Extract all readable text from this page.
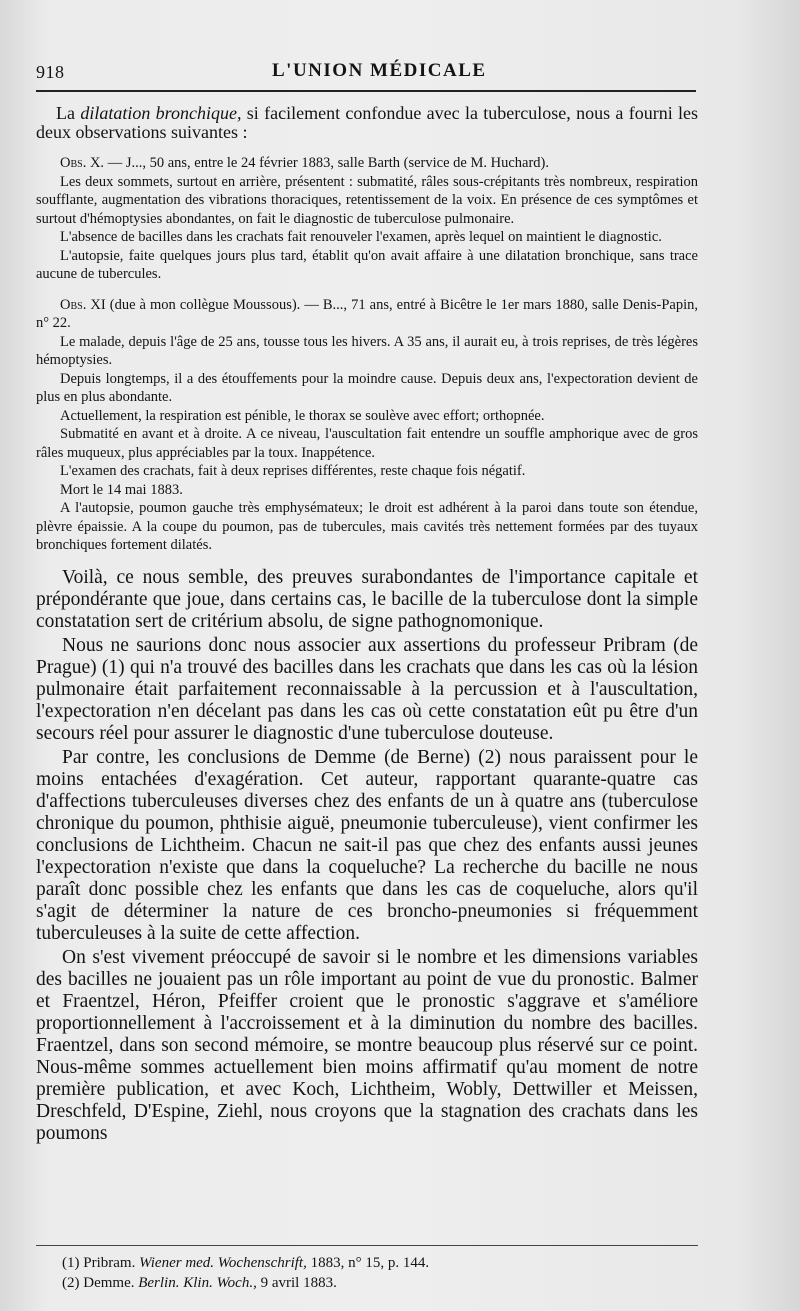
918	L'UNION MÉDICALE

La dilatation bronchique, si facilement confondue avec la tuberculose, nous a fourni les deux observations suivantes :

Obs. X. — J..., 50 ans, entre le 24 février 1883, salle Barth (service de M. Huchard).

Les deux sommets, surtout en arrière, présentent : submatité, râles sous-crépitants très nombreux, respiration soufflante, augmentation des vibrations thoraciques, retentissement de la voix. En présence de ces symptômes et surtout d'hémoptysies abondantes, on fait le diagnostic de tuberculose pulmonaire.

L'absence de bacilles dans les crachats fait renouveler l'examen, après lequel on maintient le diagnostic.

L'autopsie, faite quelques jours plus tard, établit qu'on avait affaire à une dilatation bronchique, sans trace aucune de tubercules.

Obs. XI (due à mon collègue Moussous). — B..., 71 ans, entré à Bicêtre le 1er mars 1880, salle Denis-Papin, n° 22.

Le malade, depuis l'âge de 25 ans, tousse tous les hivers. A 35 ans, il aurait eu, à trois reprises, de très légères hémoptysies.

Depuis longtemps, il a des étouffements pour la moindre cause. Depuis deux ans, l'expectoration devient de plus en plus abondante.

Actuellement, la respiration est pénible, le thorax se soulève avec effort; orthopnée.

Submatité en avant et à droite. A ce niveau, l'auscultation fait entendre un souffle amphorique avec de gros râles muqueux, plus appréciables par la toux. Inappétence.

L'examen des crachats, fait à deux reprises différentes, reste chaque fois négatif.

Mort le 14 mai 1883.

A l'autopsie, poumon gauche très emphysémateux; le droit est adhérent à la paroi dans toute son étendue, plèvre épaissie. A la coupe du poumon, pas de tubercules, mais cavités très nettement formées par des tuyaux bronchiques fortement dilatés.

Voilà, ce nous semble, des preuves surabondantes de l'importance capitale et prépondérante que joue, dans certains cas, le bacille de la tuberculose dont la simple constatation sert de critérium absolu, de signe pathognomonique.

Nous ne saurions donc nous associer aux assertions du professeur Pribram (de Prague) (1) qui n'a trouvé des bacilles dans les crachats que dans les cas où la lésion pulmonaire était parfaitement reconnaissable à la percussion et à l'auscultation, l'expectoration n'en décelant pas dans les cas où cette constatation eût pu être d'un secours réel pour assurer le diagnostic d'une tuberculose douteuse.

Par contre, les conclusions de Demme (de Berne) (2) nous paraissent pour le moins entachées d'exagération. Cet auteur, rapportant quarante-quatre cas d'affections tuberculeuses diverses chez des enfants de un à quatre ans (tuberculose chronique du poumon, phthisie aiguë, pneumonie tuberculeuse), vient confirmer les conclusions de Lichtheim. Chacun ne sait-il pas que chez des enfants aussi jeunes l'expectoration n'existe que dans la coqueluche? La recherche du bacille ne nous paraît donc possible chez les enfants que dans les cas de coqueluche, alors qu'il s'agit de déterminer la nature de ces broncho-pneumonies si fréquemment tuberculeuses à la suite de cette affection.

On s'est vivement préoccupé de savoir si le nombre et les dimensions variables des bacilles ne jouaient pas un rôle important au point de vue du pronostic. Balmer et Fraentzel, Héron, Pfeiffer croient que le pronostic s'aggrave et s'améliore proportionnellement à l'accroissement et à la diminution du nombre des bacilles. Fraentzel, dans son second mémoire, se montre beaucoup plus réservé sur ce point. Nous-même sommes actuellement bien moins affirmatif qu'au moment de notre première publication, et avec Koch, Lichtheim, Wobly, Dettwiller et Meissen, Dreschfeld, D'Espine, Ziehl, nous croyons que la stagnation des crachats dans les poumons

(1) Pribram. Wiener med. Wochenschrift, 1883, n° 15, p. 144.

(2) Demme. Berlin. Klin. Woch., 9 avril 1883.
